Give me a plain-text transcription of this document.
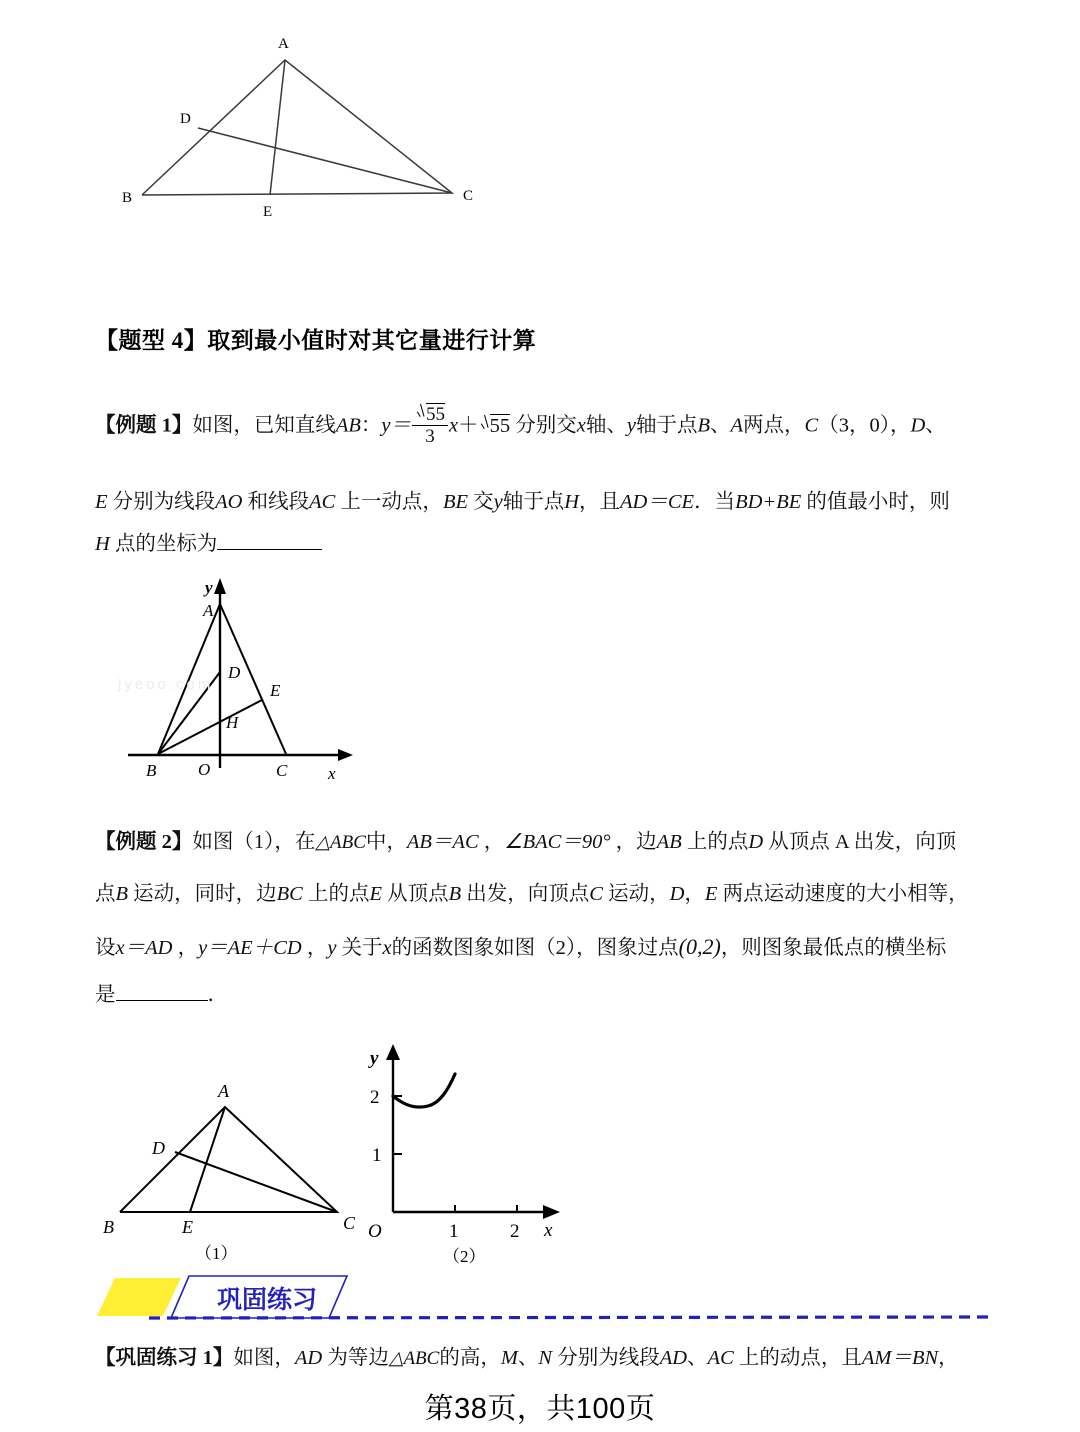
A
D
B	C
E
【题型 4】取到最小值时对其它量进行计算
【例题 1】如图，已知直线AB：$y= \frac{55}{3} x+ 55$ 分别交x轴、y轴于点B、A两点，C（3，0），D、
E 分别为线段AO 和线段AC 上一动点，BE 交y轴于点H，且AD＝CE．当BD+BE 的值最小时，则
H 点的坐标为
y
A
D
E
H
B O	C x
jyeoo.com
【例题 2】如图（1），在△ABC中，AB＝AC ，∠BAC＝90° ，边AB 上的点D 从顶点 A 出发，向顶
点B 运动，同时，边BC 上的点E 从顶点B 出发，向顶点C 运动，D，E 两点运动速度的大小相等，
设x＝AD ，y＝AE＋CD ，y 关于x的函数图象如图（2），图象过点(0,2)，则图象最低点的横坐标
是	．
A
D
B	E	C
（1）
y
x
2
1
O	1	2
（2）
巩固练习
【巩固练习 1】如图，AD 为等边△ABC的高，M、N 分别为线段AD、AC 上的动点，且AM＝BN，
第38页，共100页
